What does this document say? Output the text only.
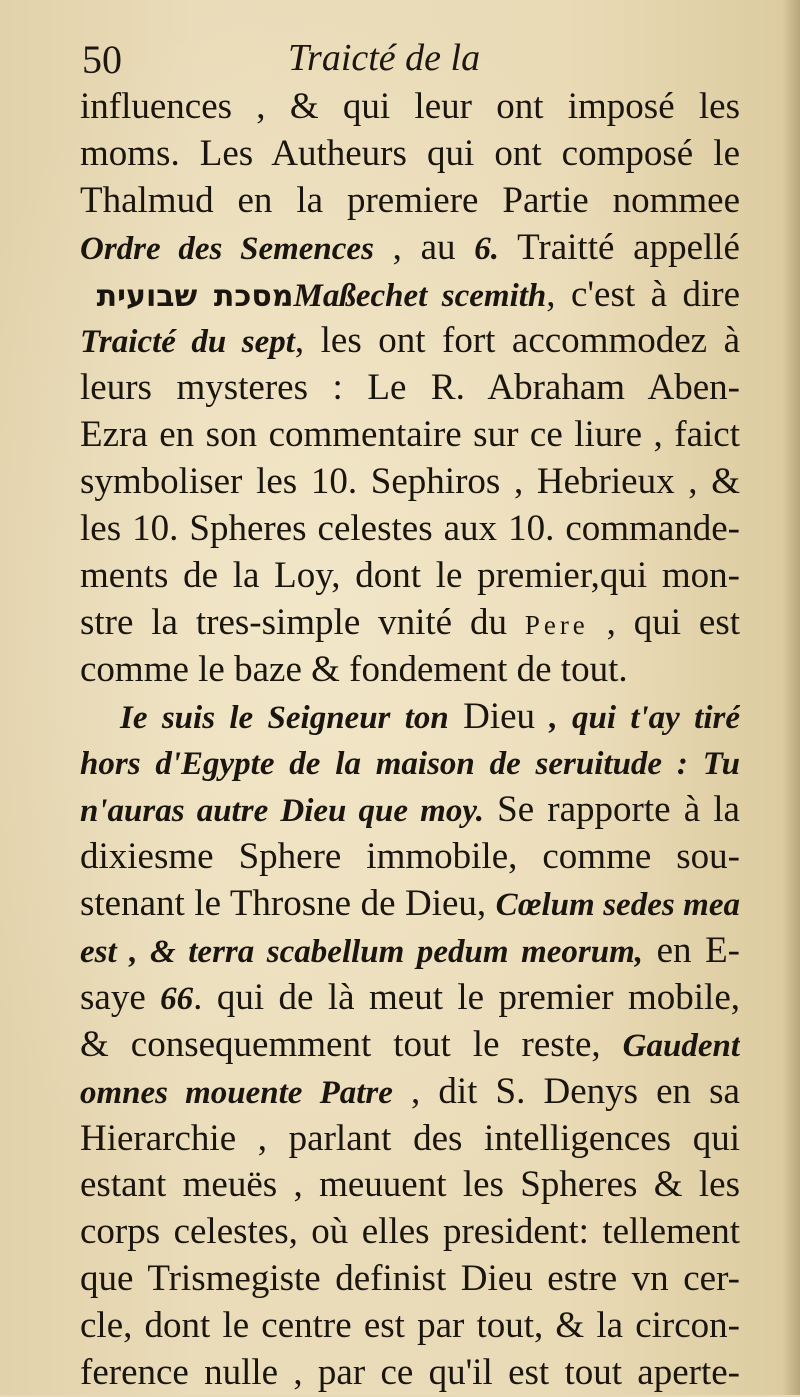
50	Traicté de la
influences , & qui leur ont imposé les
moms. Les Autheurs qui ont composé le
Thalmud en la premiere Partie nommee
Ordre des Semences , au 6. Traitté appellé
מסכת שבועית Maßechet scemith, c'est à dire
Traicté du sept, les ont fort accommodez à
leurs mysteres : Le R. Abraham Aben-
Ezra en son commentaire sur ce liure , faict
symboliser les 10. Sephiros , Hebrieux , &
les 10. Spheres celestes aux 10. commande-
ments de la Loy, dont le premier,qui mon-
stre la tres-simple vnité du Pere , qui est
comme le baze & fondement de tout.
Ie suis le Seigneur ton Dieu , qui t'ay tiré
hors d'Egypte de la maison de seruitude : Tu
n'auras autre Dieu que moy. Se rapporte à la
dixiesme Sphere immobile, comme sou-
stenant le Throsne de Dieu, Cœlum sedes mea
est , & terra scabellum pedum meorum, en E-
saye 66. qui de là meut le premier mobile,
& consequemment tout le reste, Gaudent
omnes mouente Patre , dit S. Denys en sa
Hierarchie , parlant des intelligences qui
estant meuës , meuuent les Spheres & les
corps celestes, où elles president: tellement
que Trismegiste definist Dieu estre vn cer-
cle, dont le centre est par tout, & la circon-
ference nulle , par ce qu'il est tout aperte-
